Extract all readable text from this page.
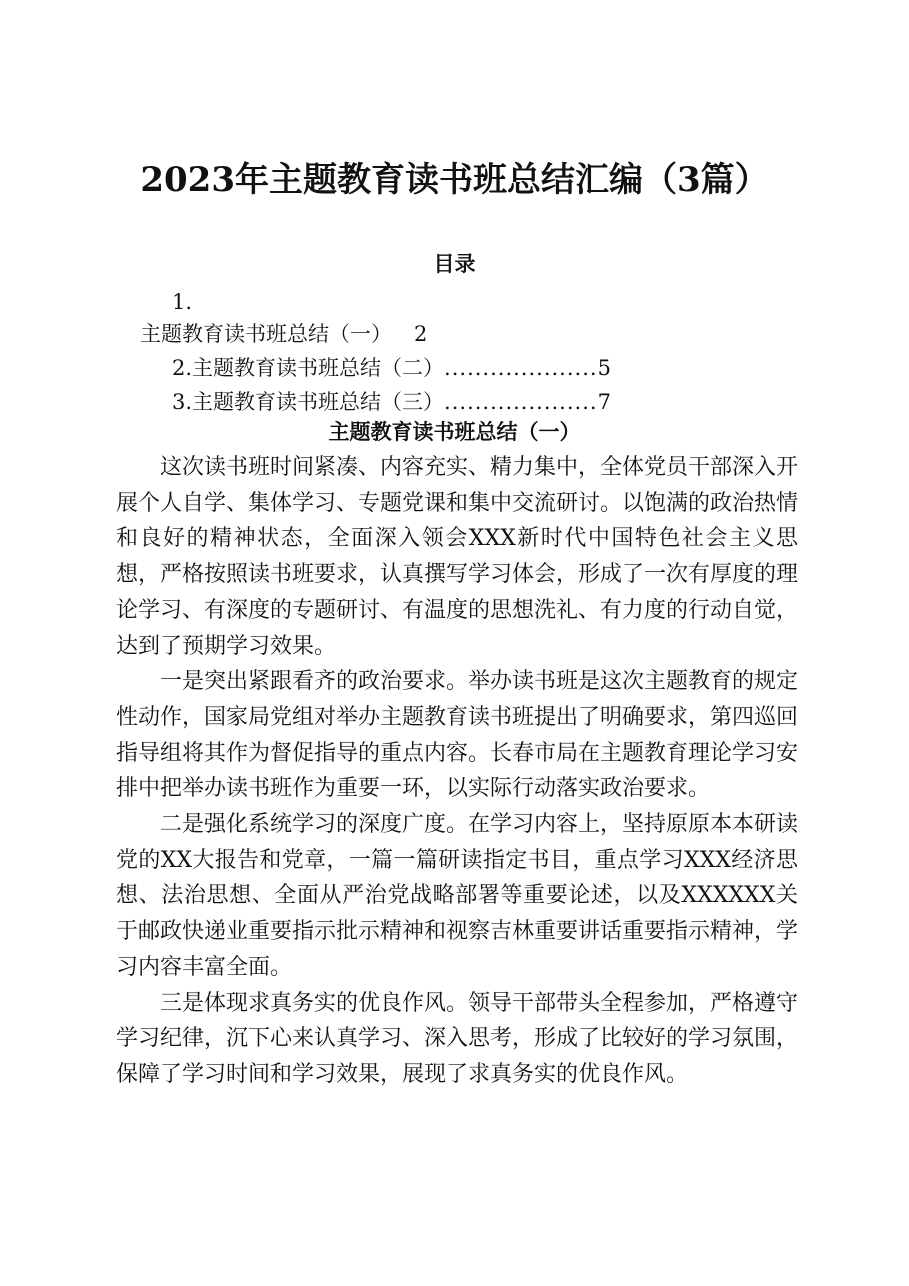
2023年主题教育读书班总结汇编（3篇）
目录
1.
主题教育读书班总结（一） 2
2.主题教育读书班总结（二）....................5
3.主题教育读书班总结（三）....................7
主题教育读书班总结（一）

这次读书班时间紧凑、内容充实、精力集中，全体党员干部深入开展个人自学、集体学习、专题党课和集中交流研讨。以饱满的政治热情和良好的精神状态，全面深入领会XXX新时代中国特色社会主义思想，严格按照读书班要求，认真撰写学习体会，形成了一次有厚度的理论学习、有深度的专题研讨、有温度的思想洗礼、有力度的行动自觉，达到了预期学习效果。

一是突出紧跟看齐的政治要求。举办读书班是这次主题教育的规定性动作，国家局党组对举办主题教育读书班提出了明确要求，第四巡回指导组将其作为督促指导的重点内容。长春市局在主题教育理论学习安排中把举办读书班作为重要一环，以实际行动落实政治要求。

二是强化系统学习的深度广度。在学习内容上，坚持原原本本研读党的XX大报告和党章，一篇一篇研读指定书目，重点学习XXX经济思想、法治思想、全面从严治党战略部署等重要论述，以及XXXXXX关于邮政快递业重要指示批示精神和视察吉林重要讲话重要指示精神，学习内容丰富全面。

三是体现求真务实的优良作风。领导干部带头全程参加，严格遵守学习纪律，沉下心来认真学习、深入思考，形成了比较好的学习氛围，保障了学习时间和学习效果，展现了求真务实的优良作风。
